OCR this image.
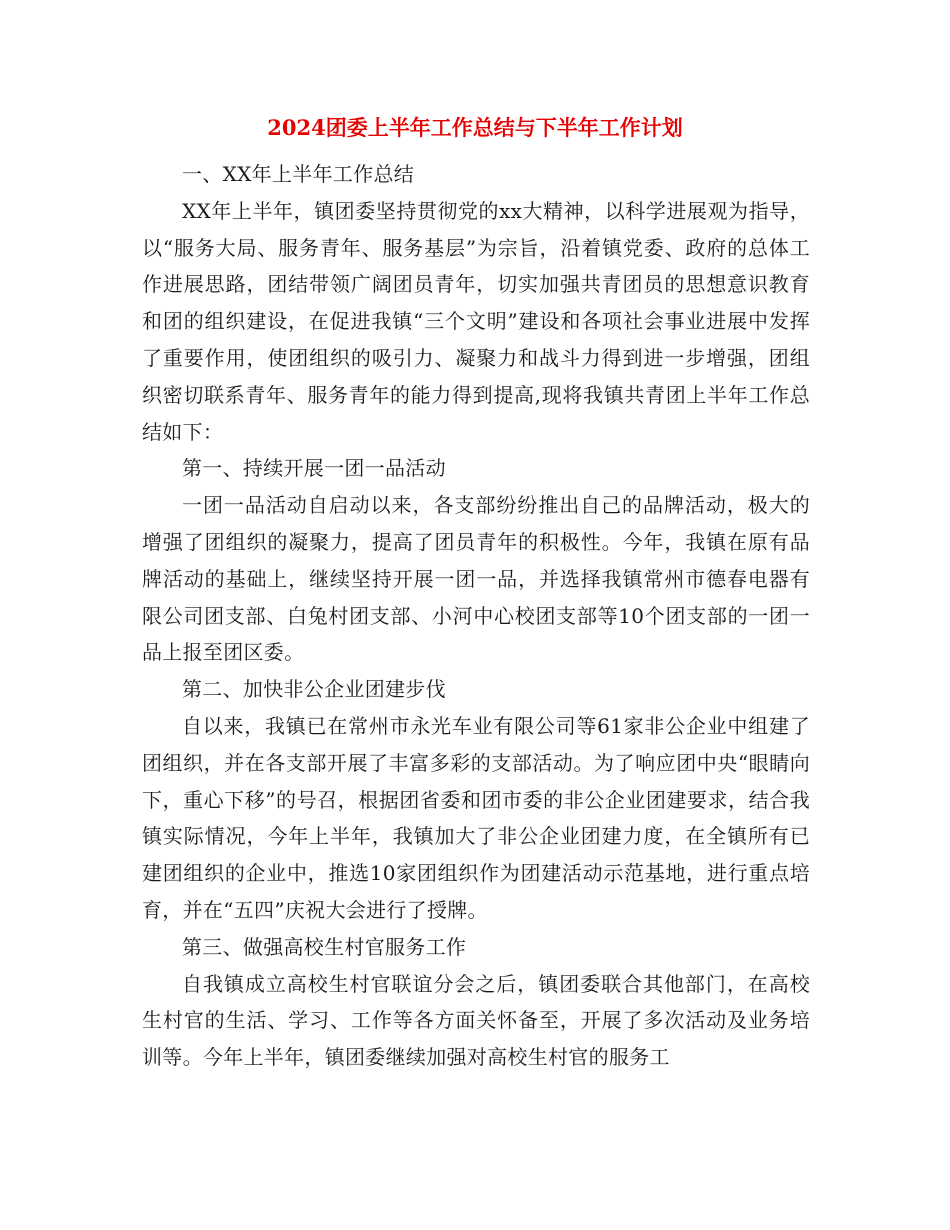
2024团委上半年工作总结与下半年工作计划

一、XX年上半年工作总结

XX年上半年，镇团委坚持贯彻党的xx大精神，以科学进展观为指导，以“服务大局、服务青年、服务基层”为宗旨，沿着镇党委、政府的总体工作进展思路，团结带领广阔团员青年，切实加强共青团员的思想意识教育和团的组织建设，在促进我镇“三个文明”建设和各项社会事业进展中发挥了重要作用，使团组织的吸引力、凝聚力和战斗力得到进一步增强，团组织密切联系青年、服务青年的能力得到提高,现将我镇共青团上半年工作总结如下：

第一、持续开展一团一品活动

一团一品活动自启动以来，各支部纷纷推出自己的品牌活动，极大的增强了团组织的凝聚力，提高了团员青年的积极性。今年，我镇在原有品牌活动的基础上，继续坚持开展一团一品，并选择我镇常州市德春电器有限公司团支部、白兔村团支部、小河中心校团支部等10个团支部的一团一品上报至团区委。

第二、加快非公企业团建步伐

自以来，我镇已在常州市永光车业有限公司等61家非公企业中组建了团组织，并在各支部开展了丰富多彩的支部活动。为了响应团中央“眼睛向下，重心下移”的号召，根据团省委和团市委的非公企业团建要求，结合我镇实际情况，今年上半年，我镇加大了非公企业团建力度，在全镇所有已建团组织的企业中，推选10家团组织作为团建活动示范基地，进行重点培育，并在“五四”庆祝大会进行了授牌。

第三、做强高校生村官服务工作

自我镇成立高校生村官联谊分会之后，镇团委联合其他部门，在高校生村官的生活、学习、工作等各方面关怀备至，开展了多次活动及业务培训等。今年上半年，镇团委继续加强对高校生村官的服务工
